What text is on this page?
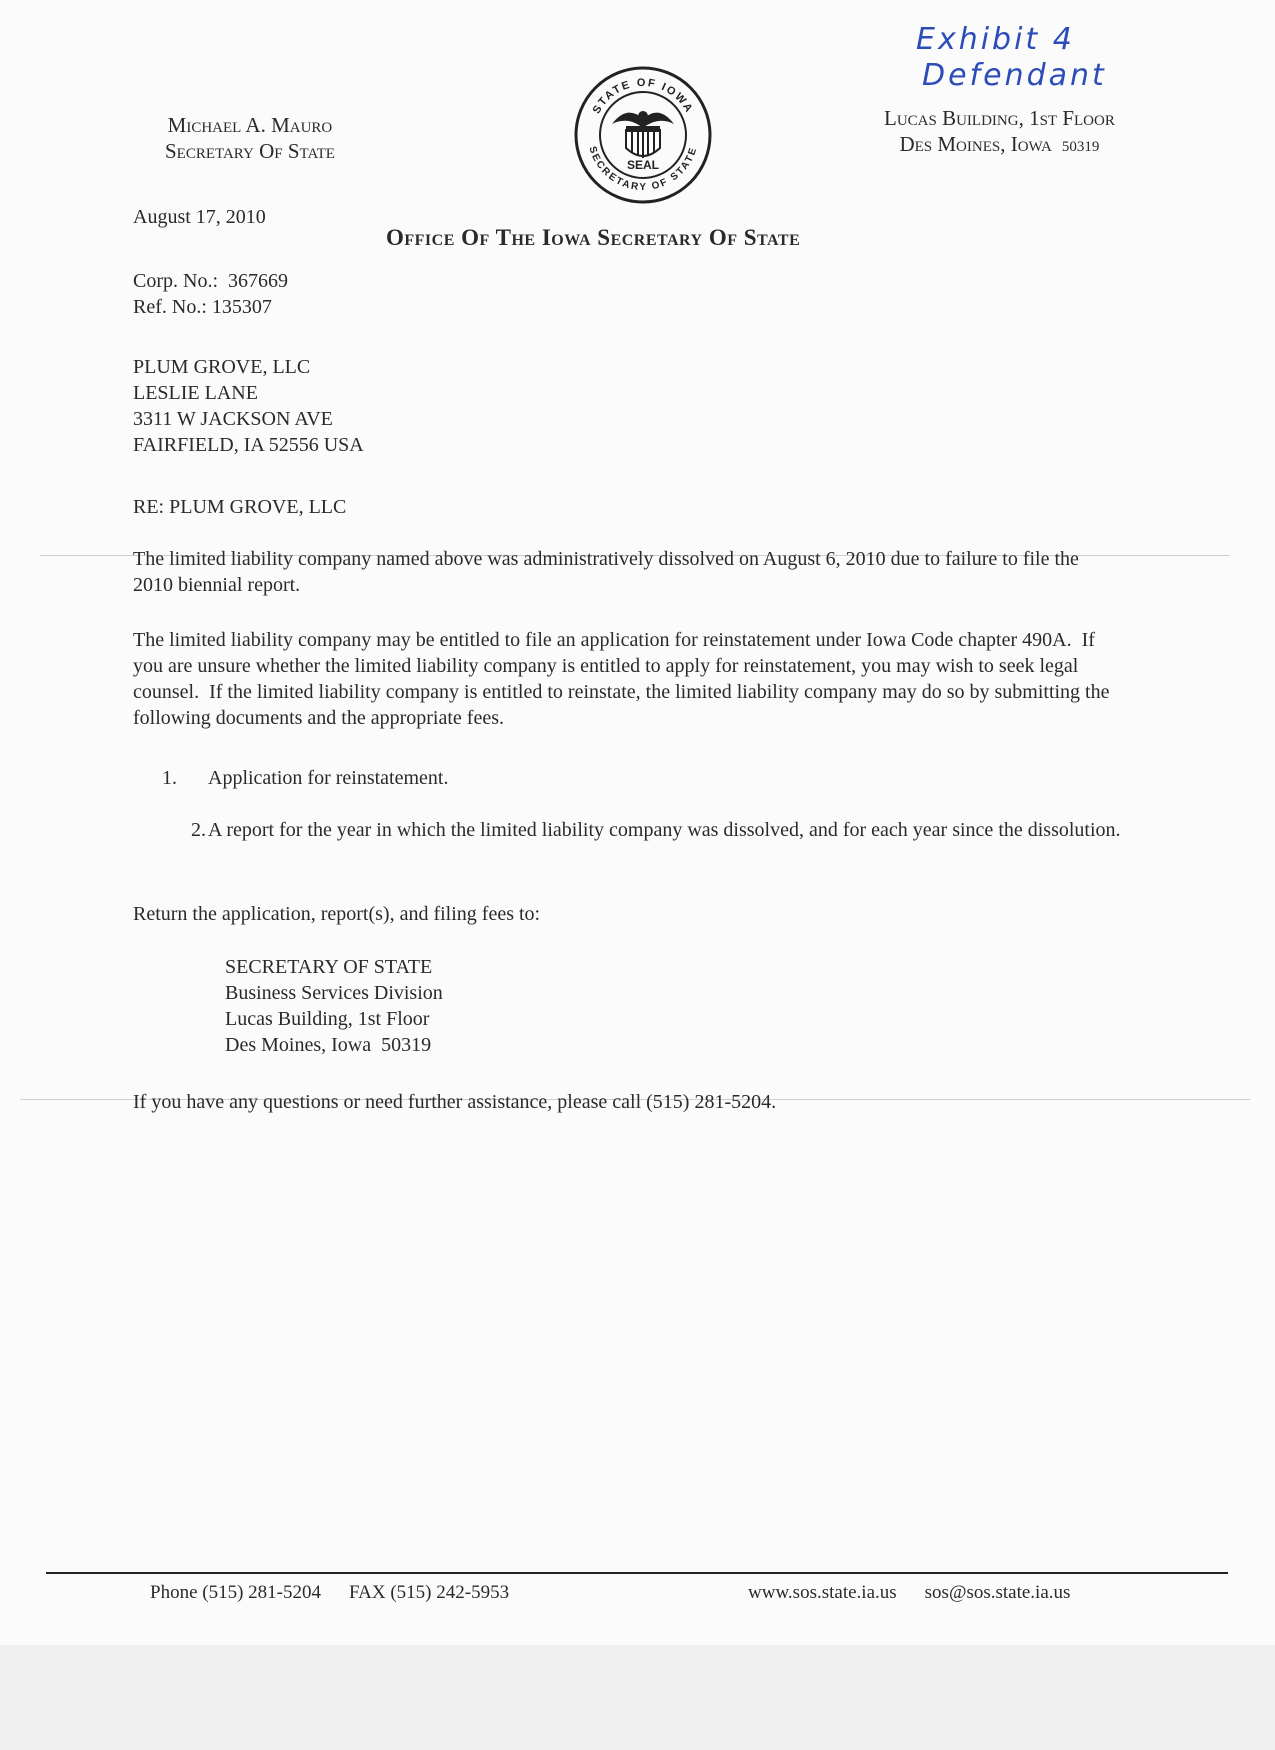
Exhibit 4
Defendant
STATE OF IOWA
SECRETARY OF STATE
SEAL
Michael A. Mauro
Secretary Of State
Lucas Building, 1st Floor
Des Moines, Iowa 50319
Office Of The Iowa Secretary Of State
August 17, 2010
Corp. No.:  367669
Ref. No.: 135307
PLUM GROVE, LLC
LESLIE LANE
3311 W JACKSON AVE
FAIRFIELD, IA 52556 USA
RE: PLUM GROVE, LLC
The limited liability company named above was administratively dissolved on August 6, 2010 due to failure to file the 2010 biennial report.
The limited liability company may be entitled to file an application for reinstatement under Iowa Code chapter 490A.  If you are unsure whether the limited liability company is entitled to apply for reinstatement, you may wish to seek legal counsel.  If the limited liability company is entitled to reinstate, the limited liability company may do so by submitting the following documents and the appropriate fees.
1. Application for reinstatement.
2. A report for the year in which the limited liability company was dissolved, and for each year since the dissolution.
Return the application, report(s), and filing fees to:
SECRETARY OF STATE
Business Services Division
Lucas Building, 1st Floor
Des Moines, Iowa  50319
If you have any questions or need further assistance, please call (515) 281-5204.
Phone (515) 281-5204 FAX (515) 242-5953	www.sos.state.ia.us sos@sos.state.ia.us
